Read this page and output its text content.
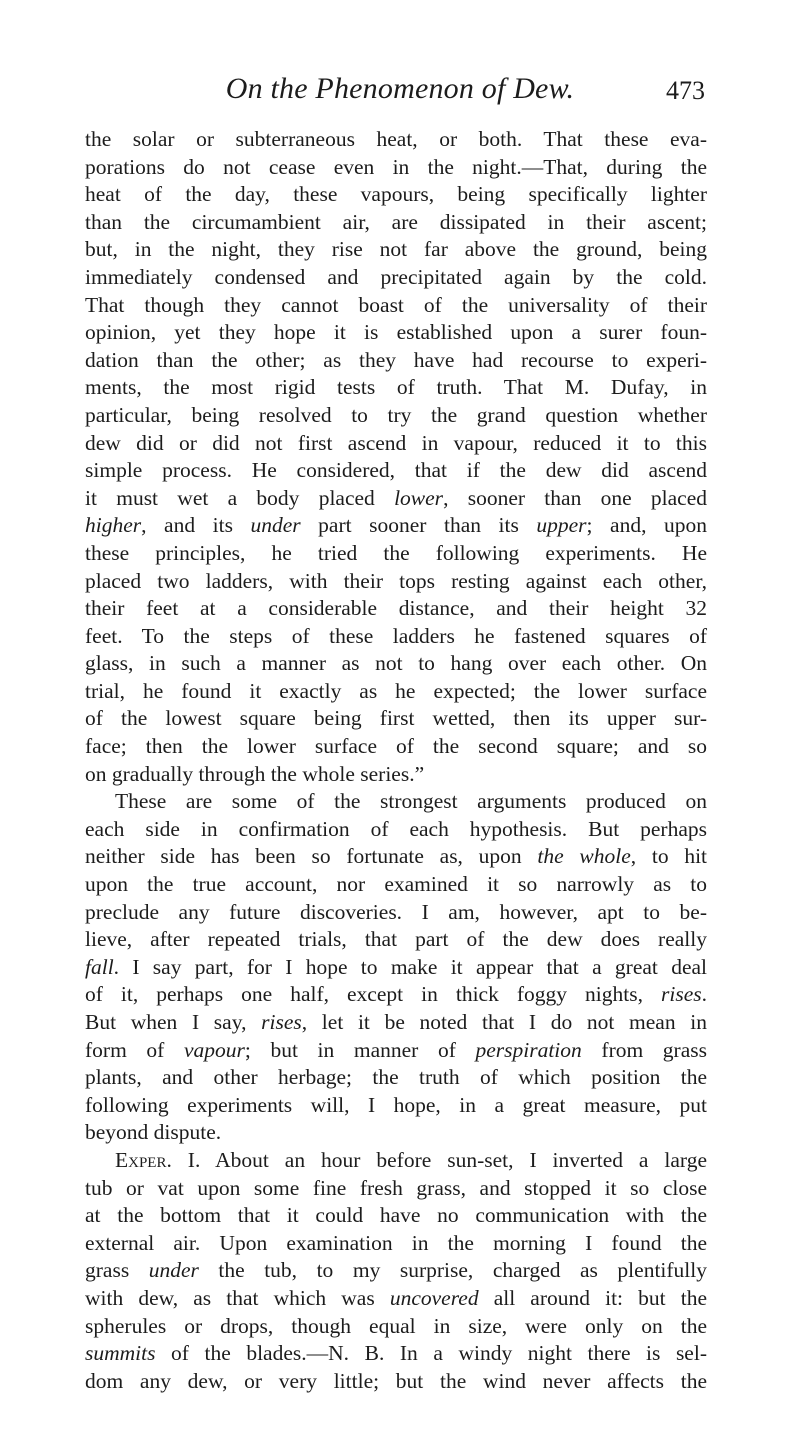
On the Phenomenon of Dew.	473
the solar or subterraneous heat, or both. That these eva-
porations do not cease even in the night.—That, during the
heat of the day, these vapours, being specifically lighter
than the circumambient air, are dissipated in their ascent;
but, in the night, they rise not far above the ground, being
immediately condensed and precipitated again by the cold.
That though they cannot boast of the universality of their
opinion, yet they hope it is established upon a surer foun-
dation than the other; as they have had recourse to experi-
ments, the most rigid tests of truth. That M. Dufay, in
particular, being resolved to try the grand question whether
dew did or did not first ascend in vapour, reduced it to this
simple process. He considered, that if the dew did ascend
it must wet a body placed lower, sooner than one placed
higher, and its under part sooner than its upper; and, upon
these principles, he tried the following experiments. He
placed two ladders, with their tops resting against each other,
their feet at a considerable distance, and their height 32
feet. To the steps of these ladders he fastened squares of
glass, in such a manner as not to hang over each other. On
trial, he found it exactly as he expected; the lower surface
of the lowest square being first wetted, then its upper sur-
face; then the lower surface of the second square; and so
on gradually through the whole series.”
These are some of the strongest arguments produced on
each side in confirmation of each hypothesis. But perhaps
neither side has been so fortunate as, upon the whole, to hit
upon the true account, nor examined it so narrowly as to
preclude any future discoveries. I am, however, apt to be-
lieve, after repeated trials, that part of the dew does really
fall. I say part, for I hope to make it appear that a great deal
of it, perhaps one half, except in thick foggy nights, rises.
But when I say, rises, let it be noted that I do not mean in
form of vapour; but in manner of perspiration from grass
plants, and other herbage; the truth of which position the
following experiments will, I hope, in a great measure, put
beyond dispute.
Exper. I. About an hour before sun-set, I inverted a large
tub or vat upon some fine fresh grass, and stopped it so close
at the bottom that it could have no communication with the
external air. Upon examination in the morning I found the
grass under the tub, to my surprise, charged as plentifully
with dew, as that which was uncovered all around it: but the
spherules or drops, though equal in size, were only on the
summits of the blades.—N. B. In a windy night there is sel-
dom any dew, or very little; but the wind never affects the
